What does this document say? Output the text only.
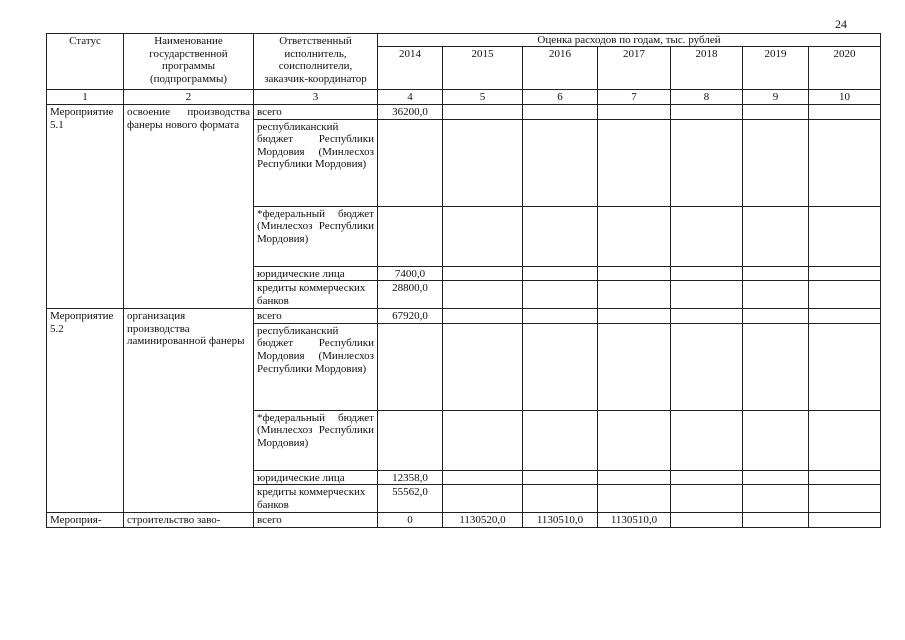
24
Статус	Наименование государственной программы (подпрограммы)	Ответственный исполнитель, соисполнители, заказчик-координатор	Оценка расходов по годам, тыс. рублей						
			2014	2015	2016	2017	2018	2019	2020
1	2	3	4	5	6	7	8	9	10
Мероприятие 5.1	освоение производства фанеры нового формата	всего	36200,0						
		республиканский бюджет Республики Мордовия (Минлесхоз Республики Мордовия)							
		*федеральный бюджет (Минлесхоз Республики Мордовия)							
		юридические лица	7400,0						
		кредиты коммерческих банков	28800,0						
Мероприятие 5.2	организация производства ламинированной фанеры	всего	67920,0						
		республиканский бюджет Республики Мордовия (Минлесхоз Республики Мордовия)							
		*федеральный бюджет (Минлесхоз Республики Мордовия)							
		юридические лица	12358,0						
		кредиты коммерческих банков	55562,0						
Мероприя-	строительство заво-	всего	0	1130520,0	1130510,0	1130510,0			
